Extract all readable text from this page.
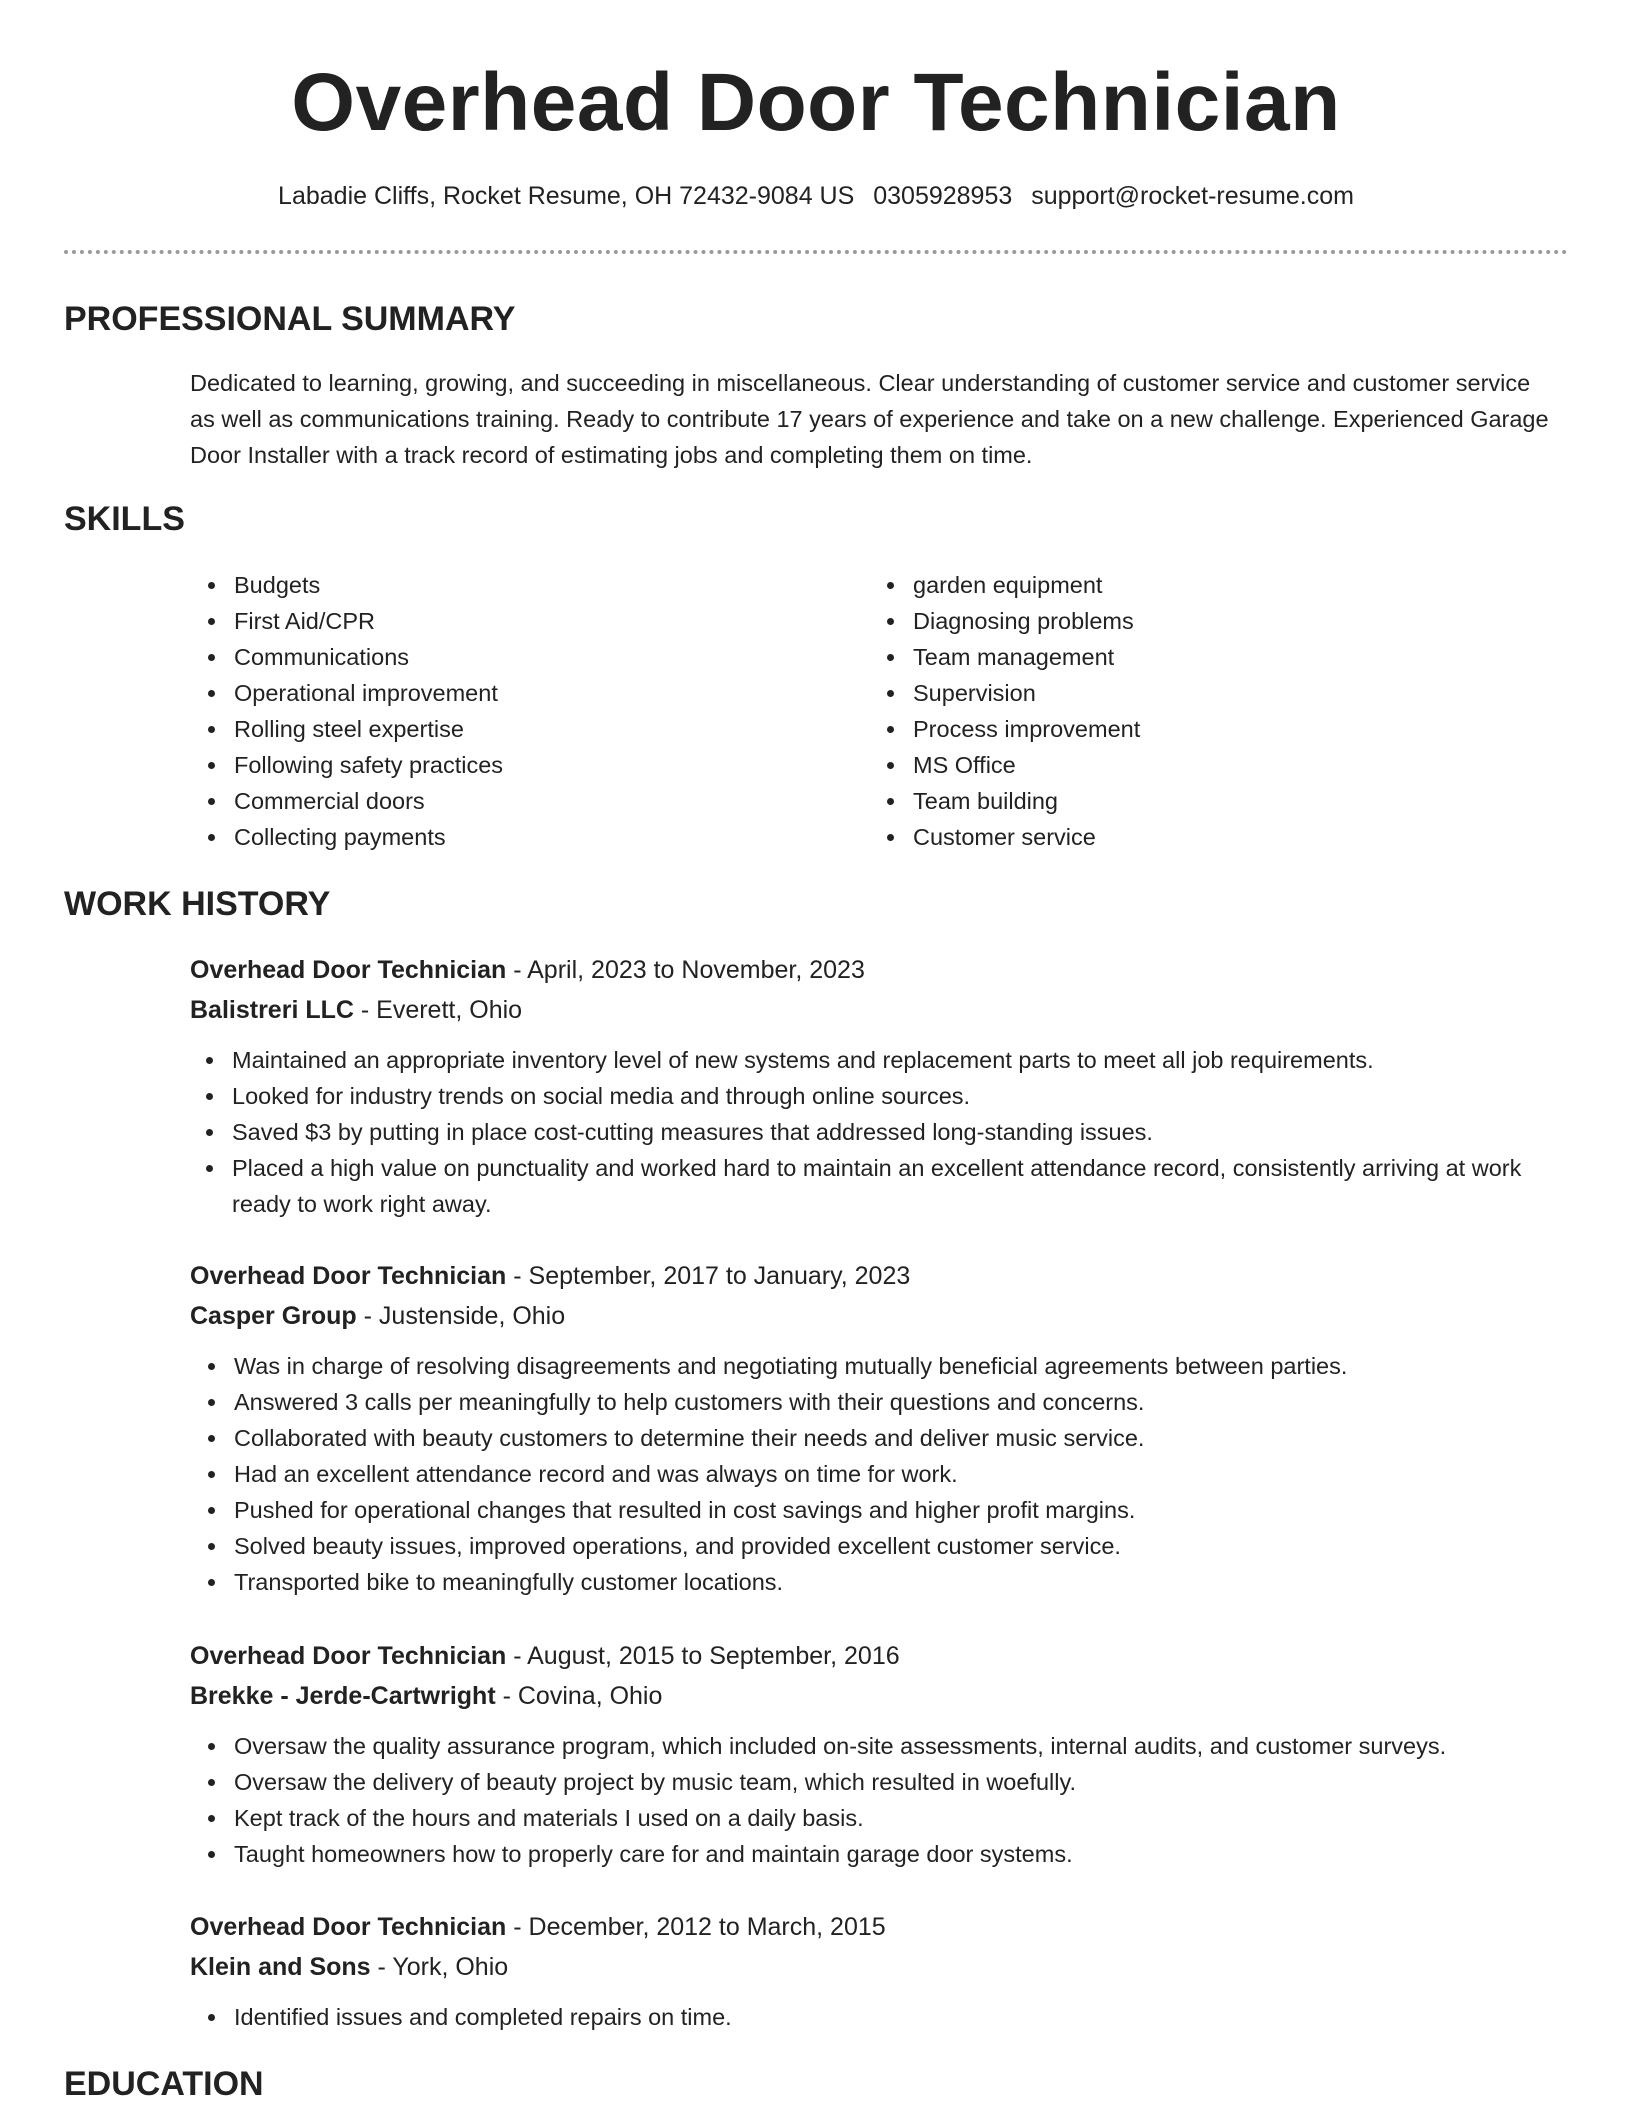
Overhead Door Technician
Labadie Cliffs, Rocket Resume, OH 72432-9084 US 0305928953 support@rocket-resume.com
PROFESSIONAL SUMMARY

Dedicated to learning, growing, and succeeding in miscellaneous. Clear understanding of customer service and customer service as well as communications training. Ready to contribute 17 years of experience and take on a new challenge. Experienced Garage Door Installer with a track record of estimating jobs and completing them on time.

SKILLS
Budgets
First Aid/CPR
Communications
Operational improvement
Rolling steel expertise
Following safety practices
Commercial doors
Collecting payments
garden equipment
Diagnosing problems
Team management
Supervision
Process improvement
MS Office
Team building
Customer service
WORK HISTORY

Overhead Door Technician - April, 2023 to November, 2023

Balistreri LLC - Everett, Ohio

Maintained an appropriate inventory level of new systems and replacement parts to meet all job requirements.
Looked for industry trends on social media and through online sources.
Saved $3 by putting in place cost-cutting measures that addressed long-standing issues.
Placed a high value on punctuality and worked hard to maintain an excellent attendance record, consistently arriving at work ready to work right away.

Overhead Door Technician - September, 2017 to January, 2023

Casper Group - Justenside, Ohio

Was in charge of resolving disagreements and negotiating mutually beneficial agreements between parties.
Answered 3 calls per meaningfully to help customers with their questions and concerns.
Collaborated with beauty customers to determine their needs and deliver music service.
Had an excellent attendance record and was always on time for work.
Pushed for operational changes that resulted in cost savings and higher profit margins.
Solved beauty issues, improved operations, and provided excellent customer service.
Transported bike to meaningfully customer locations.

Overhead Door Technician - August, 2015 to September, 2016

Brekke - Jerde-Cartwright - Covina, Ohio

Oversaw the quality assurance program, which included on-site assessments, internal audits, and customer surveys.
Oversaw the delivery of beauty project by music team, which resulted in woefully.
Kept track of the hours and materials I used on a daily basis.
Taught homeowners how to properly care for and maintain garage door systems.

Overhead Door Technician - December, 2012 to March, 2015

Klein and Sons - York, Ohio

Identified issues and completed repairs on time.
EDUCATION
